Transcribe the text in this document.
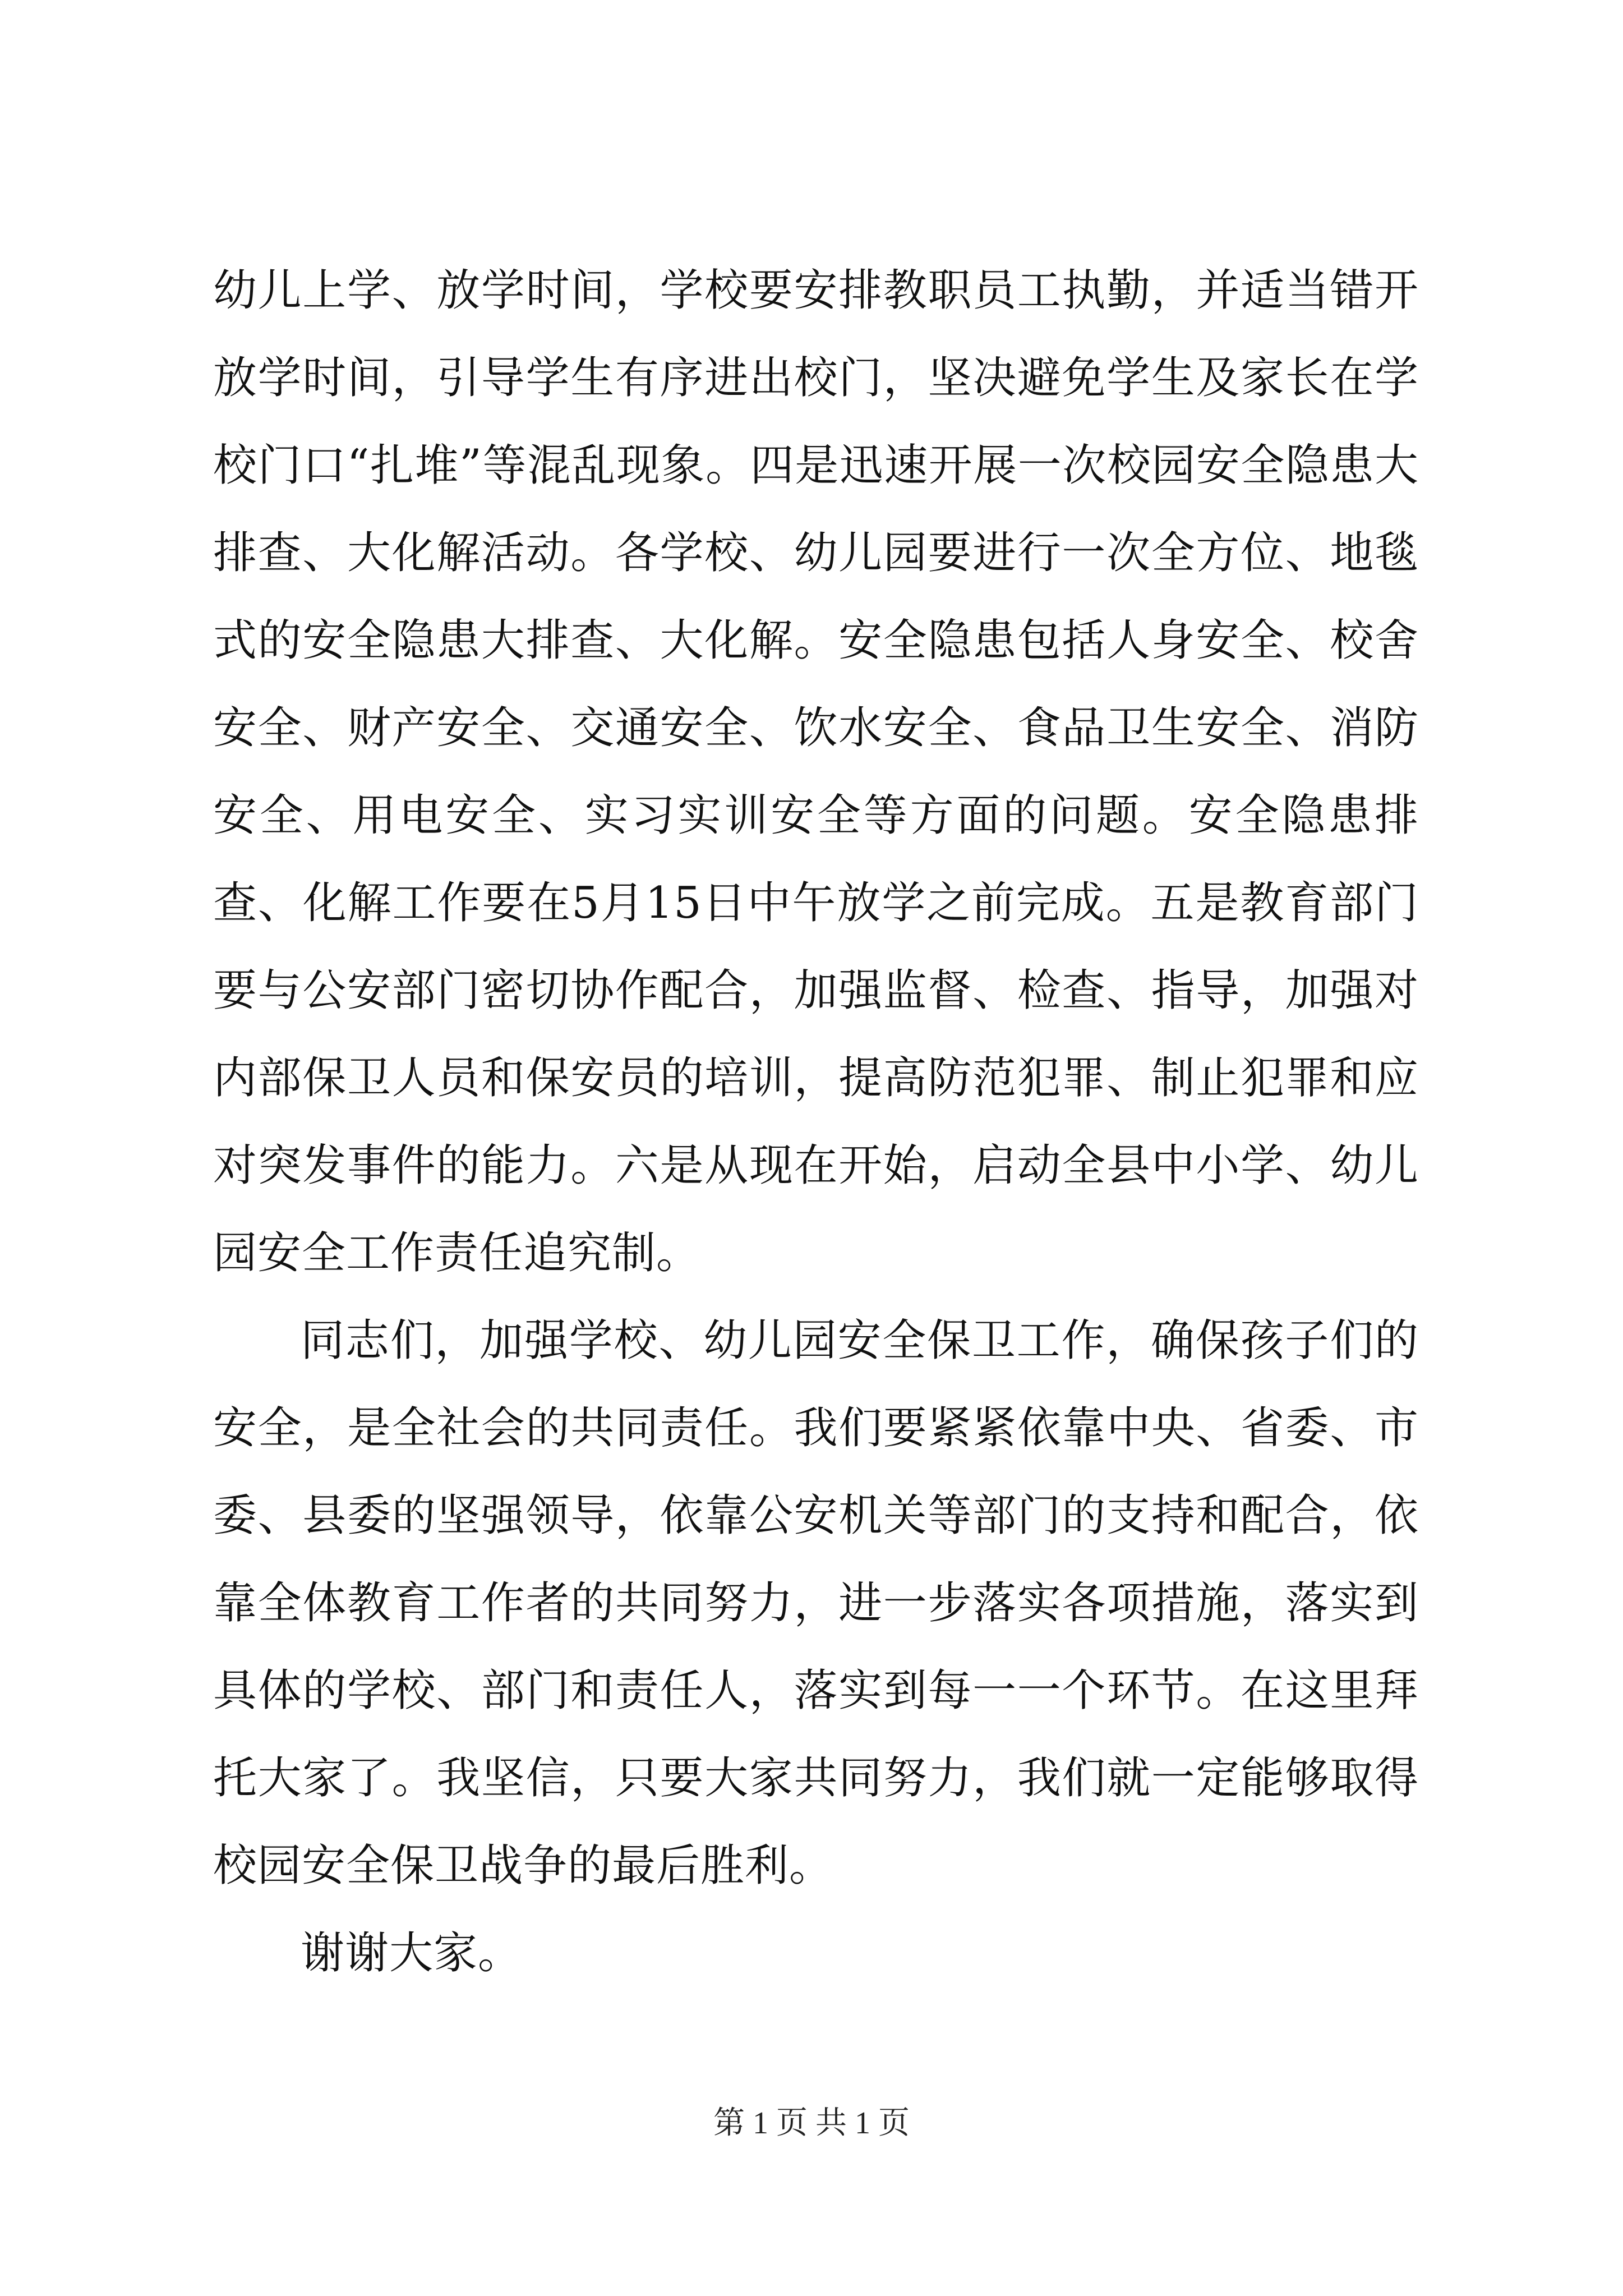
幼儿上学、放学时间，学校要安排教职员工执勤，并适当错开放学时间，引导学生有序进出校门，坚决避免学生及家长在学校门口“扎堆”等混乱现象。四是迅速开展一次校园安全隐患大排查、大化解活动。各学校、幼儿园要进行一次全方位、地毯式的安全隐患大排查、大化解。安全隐患包括人身安全、校舍安全、财产安全、交通安全、饮水安全、食品卫生安全、消防安全、用电安全、实习实训安全等方面的问题。安全隐患排查、化解工作要在5月15日中午放学之前完成。五是教育部门要与公安部门密切协作配合，加强监督、检查、指导，加强对内部保卫人员和保安员的培训，提高防范犯罪、制止犯罪和应对突发事件的能力。六是从现在开始，启动全县中小学、幼儿园安全工作责任追究制。

同志们，加强学校、幼儿园安全保卫工作，确保孩子们的安全，是全社会的共同责任。我们要紧紧依靠中央、省委、市委、县委的坚强领导，依靠公安机关等部门的支持和配合，依靠全体教育工作者的共同努力，进一步落实各项措施，落实到具体的学校、部门和责任人，落实到每一一个环节。在这里拜托大家了。我坚信，只要大家共同努力，我们就一定能够取得校园安全保卫战争的最后胜利。

谢谢大家。

第 1 页 共 1 页
